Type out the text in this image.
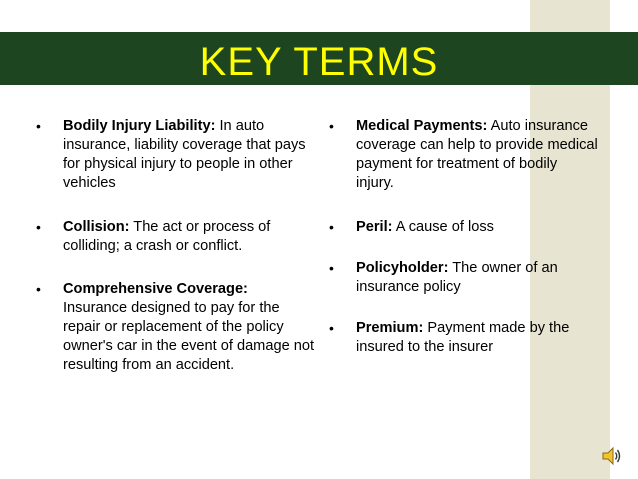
KEY TERMS

• Bodily Injury Liability: In auto insurance, liability coverage that pays for physical injury to people in other vehicles

• Collision: The act or process of colliding; a crash or conflict.

• Comprehensive Coverage: Insurance designed to pay for the repair or replacement of the policy owner's car in the event of damage not resulting from an accident.

• Medical Payments: Auto insurance coverage can help to provide medical payment for treatment of bodily injury.

• Peril: A cause of loss

• Policyholder: The owner of an insurance policy

• Premium: Payment made by the insured to the insurer
